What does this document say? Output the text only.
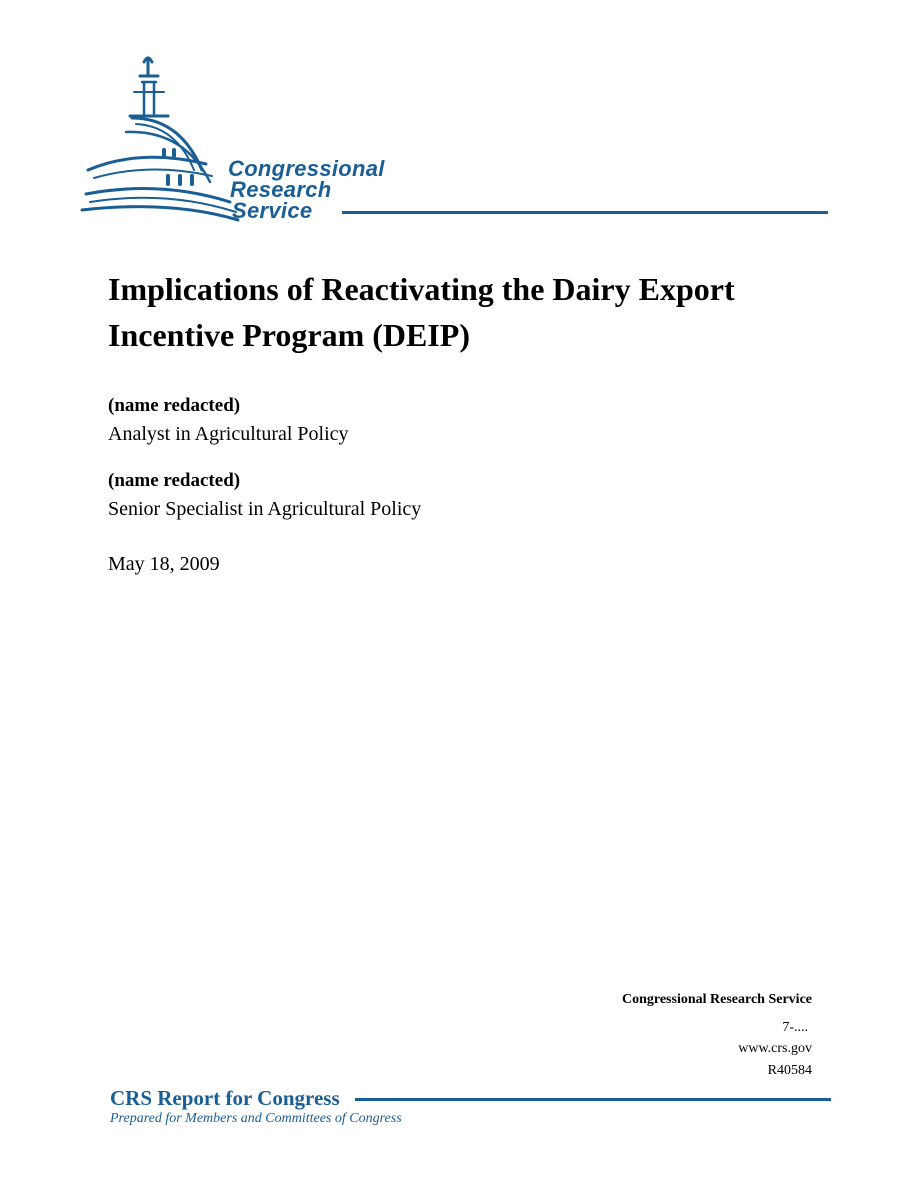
Congressional
Research
Service
Implications of Reactivating the Dairy Export Incentive Program (DEIP)
(name redacted)
Analyst in Agricultural Policy
(name redacted)
Senior Specialist in Agricultural Policy
May 18, 2009
Congressional Research Service
7-....
www.crs.gov
R40584
CRS Report for Congress
Prepared for Members and Committees of Congress
